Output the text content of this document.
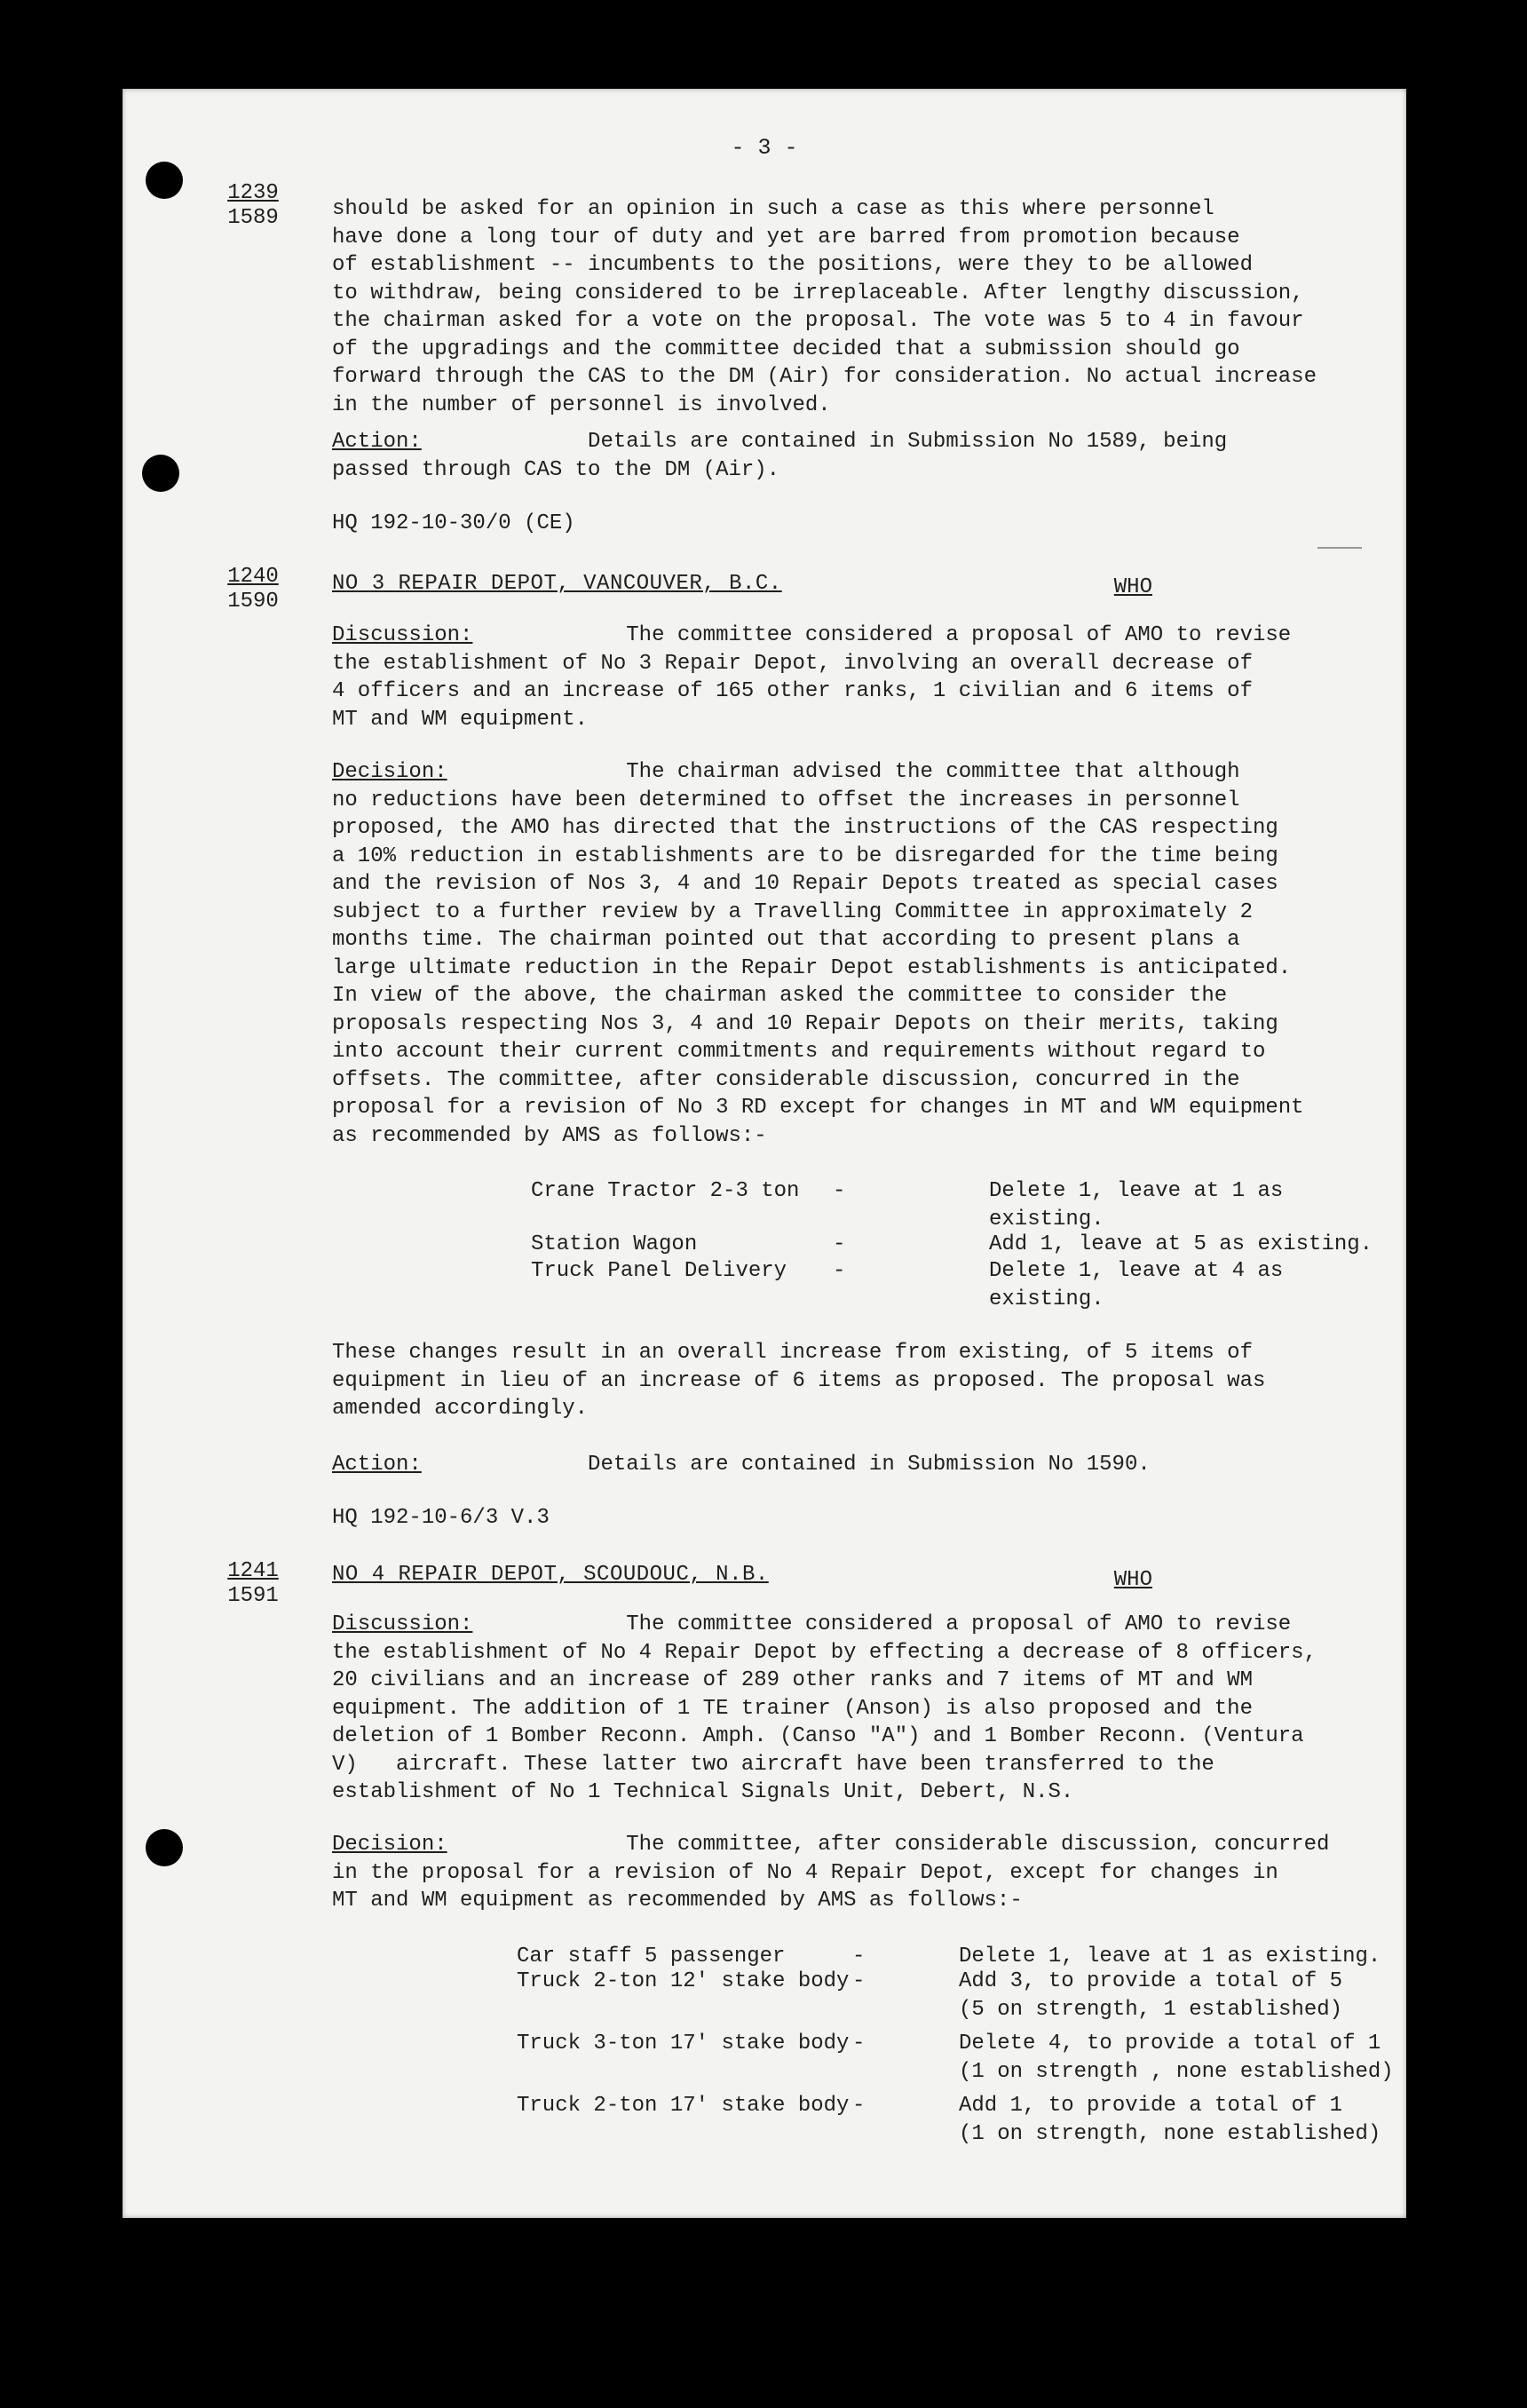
- 3 -
1239
1589	should be asked for an opinion in such a case as this where personnel
have done a long tour of duty and yet are barred from promotion because
of establishment -- incumbents to the positions, were they to be allowed
to withdraw, being considered to be irreplaceable. After lengthy discussion,
the chairman asked for a vote on the proposal. The vote was 5 to 4 in favour
of the upgradings and the committee decided that a submission should go
forward through the CAS to the DM (Air) for consideration. No actual increase
in the number of personnel is involved.
Action:	Details are contained in Submission No 1589, being
passed through CAS to the DM (Air).
HQ 192-10-30/0 (CE)
1240
1590
NO 3 REPAIR DEPOT, VANCOUVER, B.C.	WHO
Discussion:	The committee considered a proposal of AMO to revise
the establishment of No 3 Repair Depot, involving an overall decrease of
4 officers and an increase of 165 other ranks, 1 civilian and 6 items of
MT and WM equipment.
Decision:	The chairman advised the committee that although
no reductions have been determined to offset the increases in personnel
proposed, the AMO has directed that the instructions of the CAS respecting
a 10% reduction in establishments are to be disregarded for the time being
and the revision of Nos 3, 4 and 10 Repair Depots treated as special cases
subject to a further review by a Travelling Committee in approximately 2
months time. The chairman pointed out that according to present plans a
large ultimate reduction in the Repair Depot establishments is anticipated.
In view of the above, the chairman asked the committee to consider the
proposals respecting Nos 3, 4 and 10 Repair Depots on their merits, taking
into account their current commitments and requirements without regard to
offsets. The committee, after considerable discussion, concurred in the
proposal for a revision of No 3 RD except for changes in MT and WM equipment
as recommended by AMS as follows:-
Crane Tractor 2-3 ton -	Delete 1, leave at 1 as
existing.
Station Wagon	-	Add 1, leave at 5 as existing.
Truck Panel Delivery -	Delete 1, leave at 4 as
existing.
These changes result in an overall increase from existing, of 5 items of
equipment in lieu of an increase of 6 items as proposed. The proposal was
amended accordingly.
Action:             Details are contained in Submission No 1590.
HQ 192-10-6/3 V.3
1241
1591
NO 4 REPAIR DEPOT, SCOUDOUC, N.B.	WHO
Discussion:	The committee considered a proposal of AMO to revise
the establishment of No 4 Repair Depot by effecting a decrease of 8 officers,
20 civilians and an increase of 289 other ranks and 7 items of MT and WM
equipment. The addition of 1 TE trainer (Anson) is also proposed and the
deletion of 1 Bomber Reconn. Amph. (Canso "A") and 1 Bomber Reconn. (Ventura
V)   aircraft. These latter two aircraft have been transferred to the
establishment of No 1 Technical Signals Unit, Debert, N.S.
Decision:	The committee, after considerable discussion, concurred
in the proposal for a revision of No 4 Repair Depot, except for changes in
MT and WM equipment as recommended by AMS as follows:-
Car staff 5 passenger	-	Delete 1, leave at 1 as existing.
Truck 2-ton 12' stake body -	Add 3, to provide a total of 5
(5 on strength, 1 established)
Truck 3-ton 17' stake body -	Delete 4, to provide a total of 1
(1 on strength , none established)
Truck 2-ton 17' stake body -	Add 1, to provide a total of 1
(1 on strength, none established)
